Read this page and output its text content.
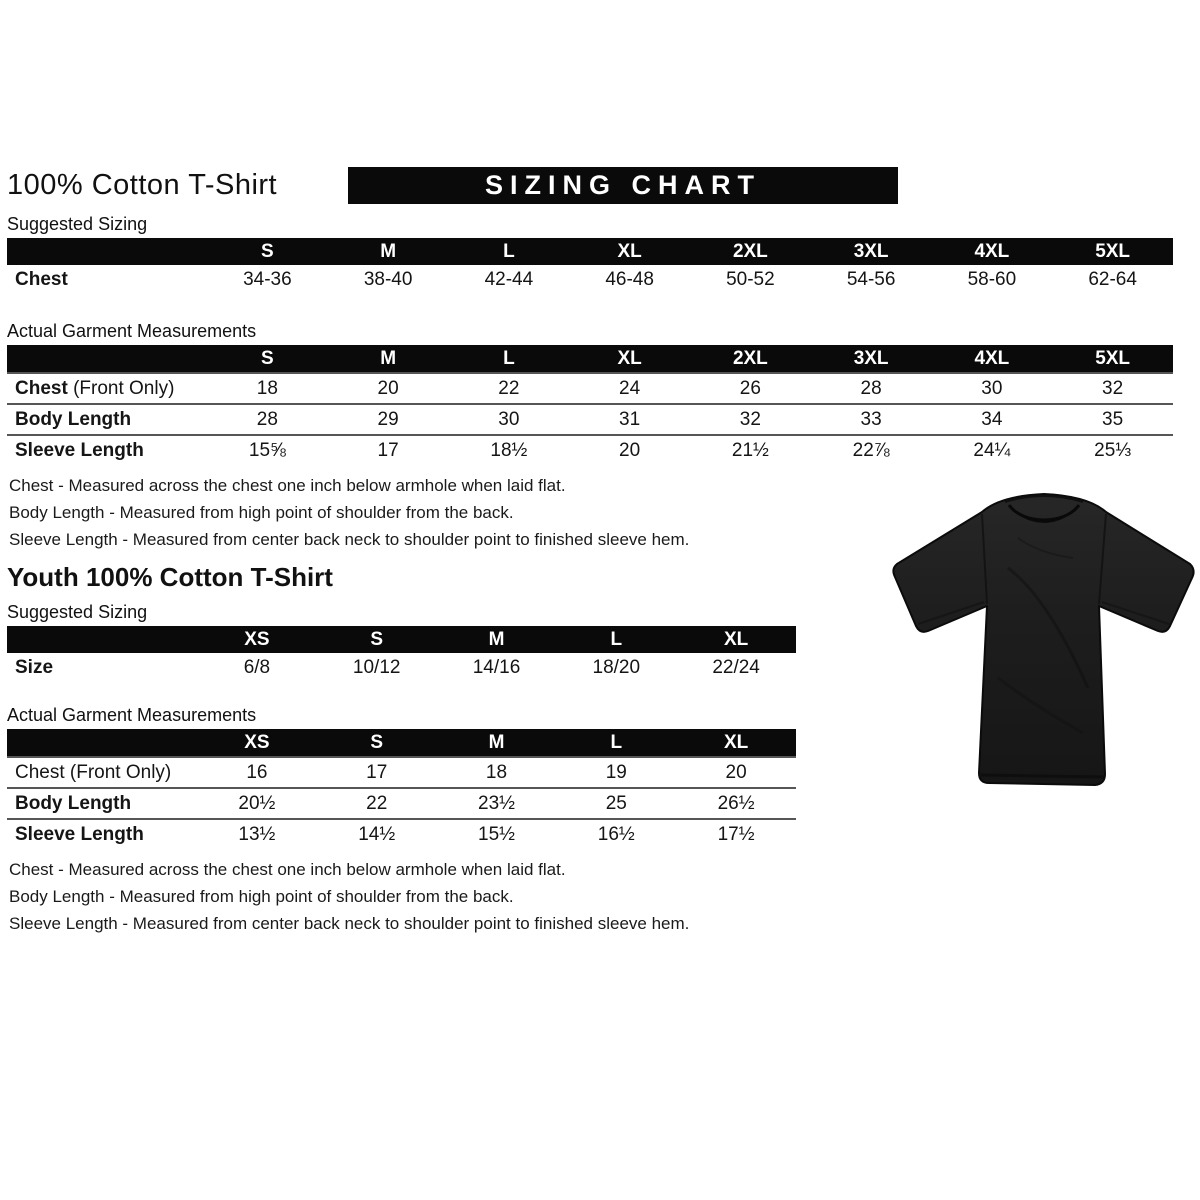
100% Cotton T-Shirt	SIZING CHART
Suggested Sizing
	S	M	L	XL	2XL	3XL	4XL	5XL
Chest	34-36	38-40	42-44	46-48	50-52	54-56	58-60	62-64
Actual Garment Measurements
	S	M	L	XL	2XL	3XL	4XL	5XL
Chest (Front Only)	18	20	22	24	26	28	30	32
Body Length	28	29	30	31	32	33	34	35
Sleeve Length	15⅝	17	18½	20	21½	22⅞	24¼	25⅓

Chest - Measured across the chest one inch below armhole when laid flat.

Body Length - Measured from high point of shoulder from the back.

Sleeve Length - Measured from center back neck to shoulder point to finished sleeve hem.

Youth 100% Cotton T-Shirt
Suggested Sizing
	XS	S	M	L	XL
Size	6/8	10/12	14/16	18/20	22/24
Actual Garment Measurements
	XS	S	M	L	XL
Chest (Front Only)	16	17	18	19	20
Body Length	20½	22	23½	25	26½
Sleeve Length	13½	14½	15½	16½	17½

Chest - Measured across the chest one inch below armhole when laid flat.

Body Length - Measured from high point of shoulder from the back.

Sleeve Length - Measured from center back neck to shoulder point to finished sleeve hem.
